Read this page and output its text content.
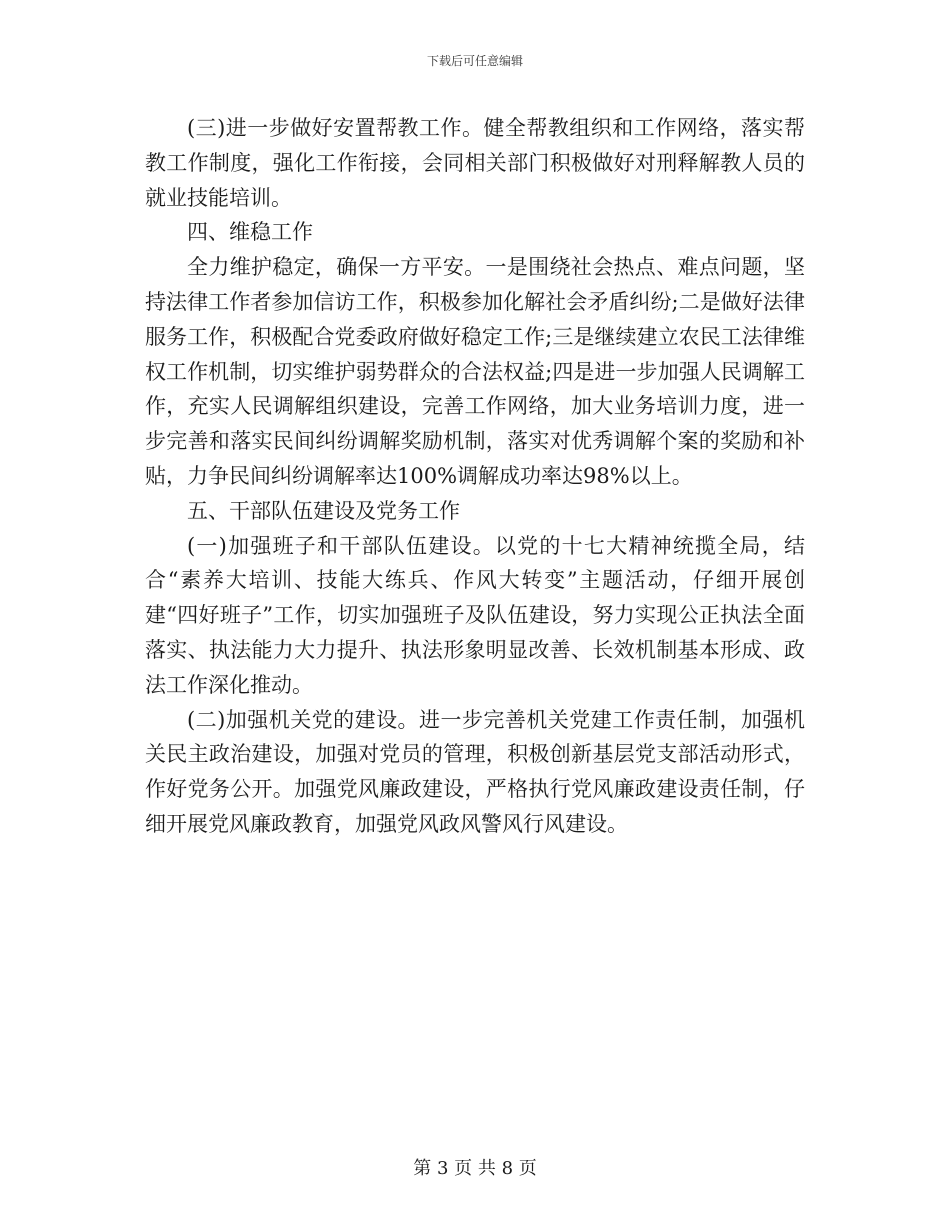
下载后可任意编辑

(三)进一步做好安置帮教工作。健全帮教组织和工作网络，落实帮教工作制度，强化工作衔接，会同相关部门积极做好对刑释解教人员的就业技能培训。

四、维稳工作

全力维护稳定，确保一方平安。一是围绕社会热点、难点问题，坚持法律工作者参加信访工作，积极参加化解社会矛盾纠纷;二是做好法律服务工作，积极配合党委政府做好稳定工作;三是继续建立农民工法律维权工作机制，切实维护弱势群众的合法权益;四是进一步加强人民调解工作，充实人民调解组织建设，完善工作网络，加大业务培训力度，进一步完善和落实民间纠纷调解奖励机制，落实对优秀调解个案的奖励和补贴，力争民间纠纷调解率达100%调解成功率达98%以上。

五、干部队伍建设及党务工作

(一)加强班子和干部队伍建设。以党的十七大精神统揽全局，结合“素养大培训、技能大练兵、作风大转变”主题活动，仔细开展创建“四好班子”工作，切实加强班子及队伍建设，努力实现公正执法全面落实、执法能力大力提升、执法形象明显改善、长效机制基本形成、政法工作深化推动。

(二)加强机关党的建设。进一步完善机关党建工作责任制，加强机关民主政治建设，加强对党员的管理，积极创新基层党支部活动形式，作好党务公开。加强党风廉政建设，严格执行党风廉政建设责任制，仔细开展党风廉政教育，加强党风政风警风行风建设。

第 3 页 共 8 页
